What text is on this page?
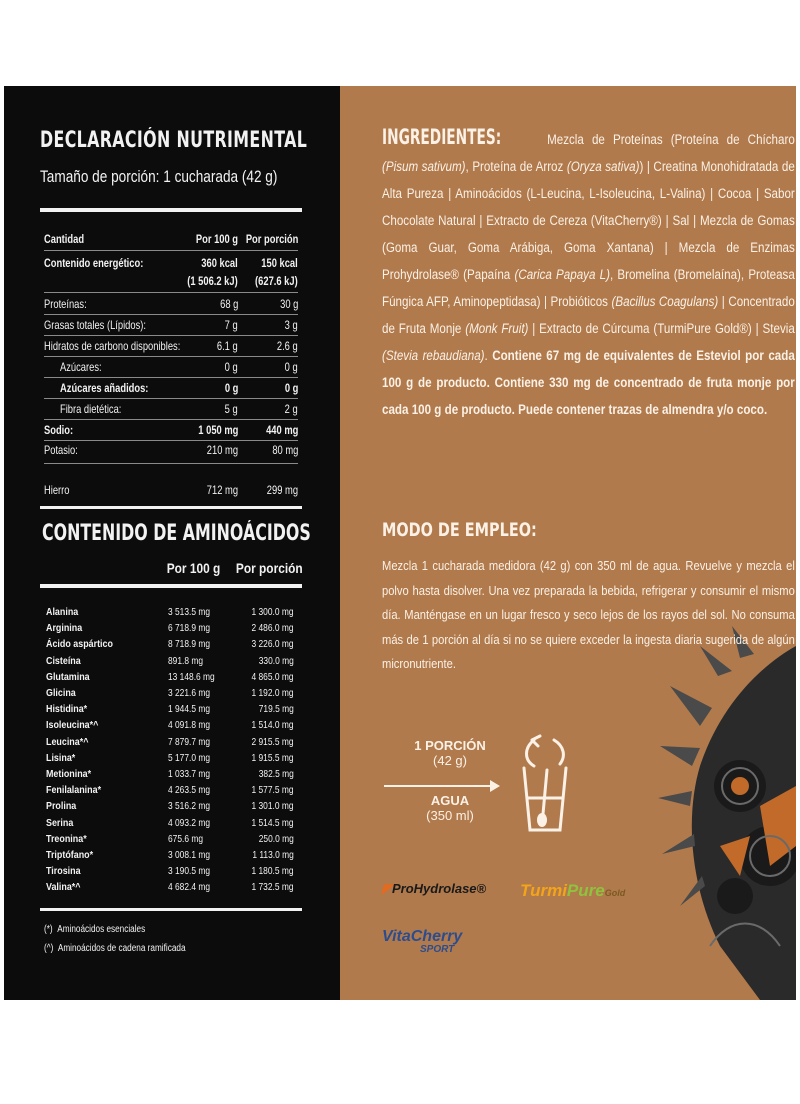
DECLARACIÓN NUTRIMENTAL
Tamaño de porción: 1 cucharada (42 g)
Cantidad	Por 100 g Por porción
Contenido energético:	360 kcal 150 kcal
(1 506.2 kJ) (627.6 kJ)
Proteínas:	68 g	30 g
Grasas totales (Lípidos):	7 g	3 g
Hidratos de carbono disponibles:	6.1 g	2.6 g
Azúcares:	0 g	0 g
Azúcares añadidos:	0 g	0 g
Fibra dietética:	5 g	2 g
Sodio:	1 050 mg 440 mg
Potasio:	210 mg	80 mg
Hierro	712 mg 299 mg
CONTENIDO DE AMINOÁCIDOS
Por 100 g Por porción
Alanina	3 513.5 mg	1 300.0 mg
Arginina	6 718.9 mg	2 486.0 mg
Ácido aspártico	8 718.9 mg	3 226.0 mg
Cisteína	891.8 mg	330.0 mg
Glutamina	13 148.6 mg	4 865.0 mg
Glicina	3 221.6 mg	1 192.0 mg
Histidina*	1 944.5 mg	719.5 mg
Isoleucina*^	4 091.8 mg	1 514.0 mg
Leucina*^	7 879.7 mg	2 915.5 mg
Lisina*	5 177.0 mg	1 915.5 mg
Metionina*	1 033.7 mg	382.5 mg
Fenilalanina*	4 263.5 mg	1 577.5 mg
Prolina	3 516.2 mg	1 301.0 mg
Serina	4 093.2 mg	1 514.5 mg
Treonina*	675.6 mg	250.0 mg
Triptófano*	3 008.1 mg	1 113.0 mg
Tirosina	3 190.5 mg	1 180.5 mg
Valina*^	4 682.4 mg	1 732.5 mg
(*) Aminoácidos esenciales
(^) Aminoácidos de cadena ramificada
INGREDIENTES:	Mezcla de Proteínas (Proteína de Chícharo (Pisum sativum), Proteína de Arroz (Oryza sativa)) | Creatina Monohidratada de Alta Pureza | Aminoácidos (L-Leucina, L-Isoleucina, L-Valina) | Cocoa | Sabor Chocolate Natural | Extracto de Cereza (VitaCherry®) | Sal | Mezcla de Gomas (Goma Guar, Goma Arábiga, Goma Xantana) | Mezcla de Enzimas Prohydrolase® (Papaína (Carica Papaya L), Bromelina (Bromelaína), Proteasa Fúngica AFP, Aminopeptidasa) | Probióticos (Bacillus Coagulans) | Concentrado de Fruta Monje (Monk Fruit) | Extracto de Cúrcuma (TurmiPure Gold®) | Stevia (Stevia rebaudiana). Contiene 67 mg de equivalentes de Esteviol por cada 100 g de producto. Contiene 330 mg de concentrado de fruta monje por cada 100 g de producto. Puede contener trazas de almendra y/o coco.
MODO DE EMPLEO:
Mezcla 1 cucharada medidora (42 g) con 350 ml de agua. Revuelve y mezcla el polvo hasta disolver. Una vez preparada la bebida, refrigerar y consumir el mismo día. Manténgase en un lugar fresco y seco lejos de los rayos del sol. No consuma más de 1 porción al día si no se quiere exceder la ingesta diaria sugerida de algún micronutriente.
1 PORCIÓN
(42 g)
AGUA
(350 ml)
◤ProHydrolase® TurmiPureGold
VitaCherry
SPORT
